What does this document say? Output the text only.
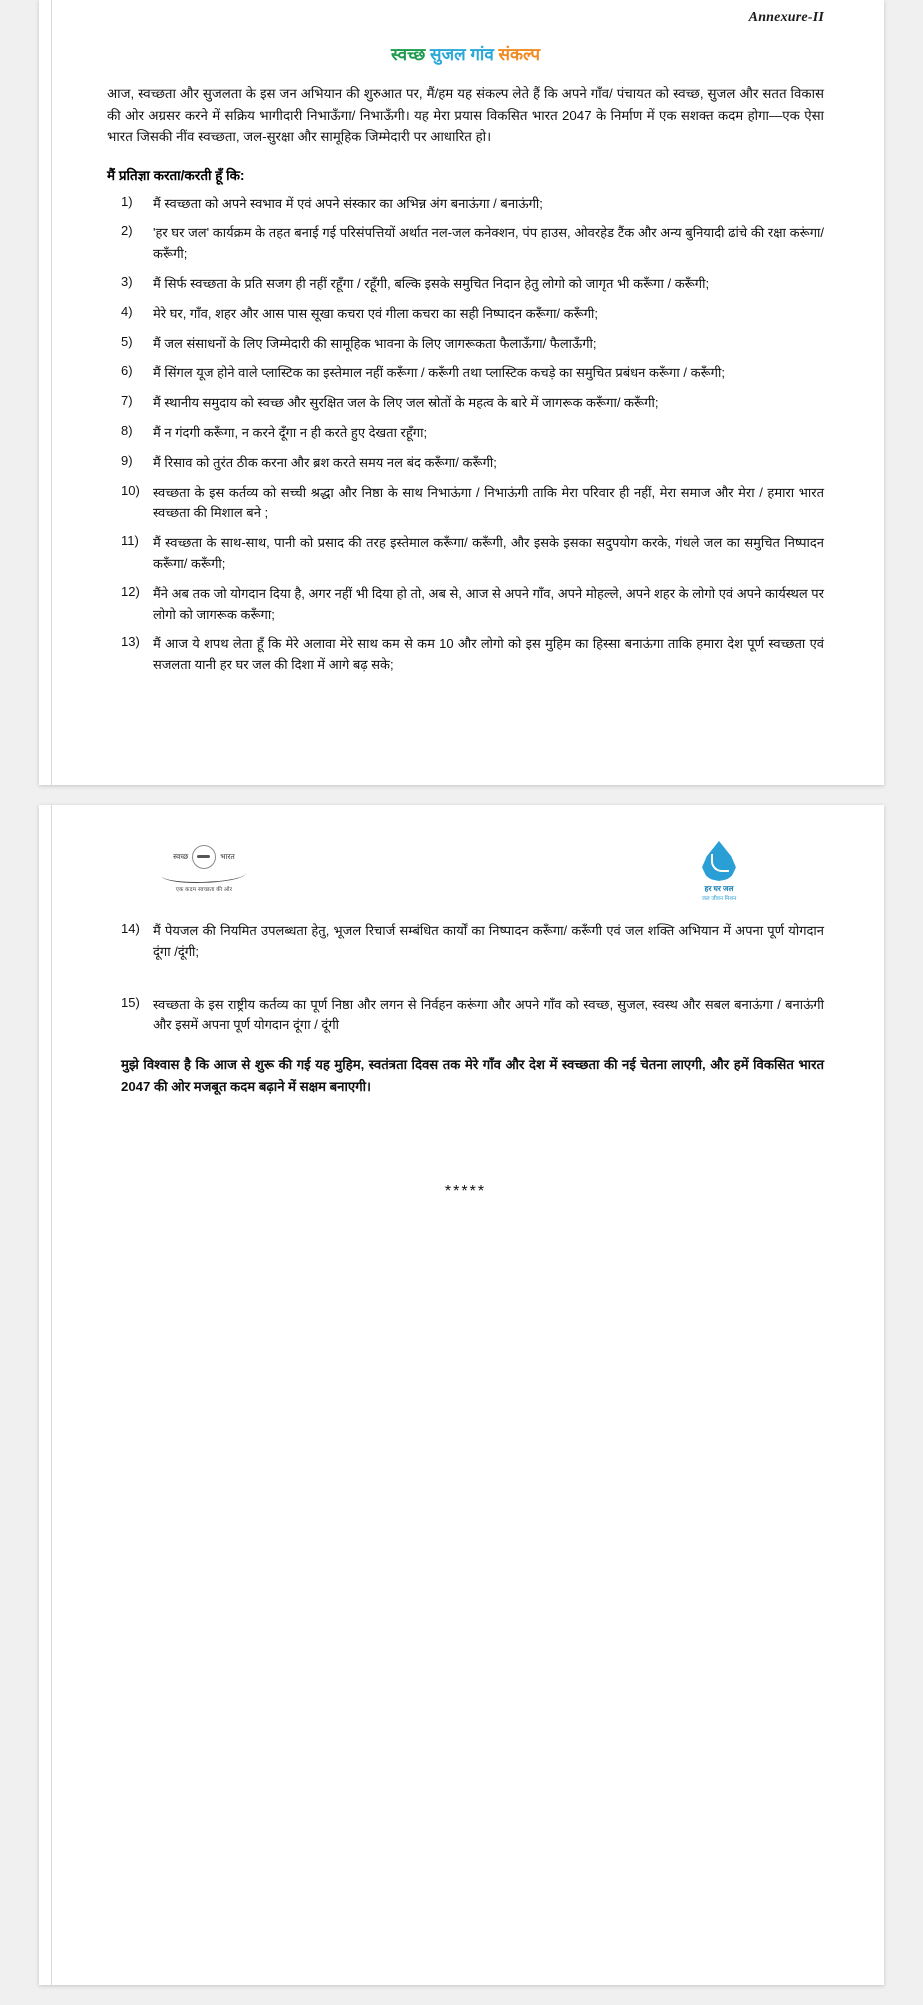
Annexure-II
स्वच्छ सुजल गांव संकल्प

आज, स्वच्छता और सुजलता के इस जन अभियान की शुरुआत पर, मैं/हम यह संकल्प लेते हैं कि अपने गाँव/ पंचायत को स्वच्छ, सुजल और सतत विकास की ओर अग्रसर करने में सक्रिय भागीदारी निभाऊँगा/ निभाऊँगी। यह मेरा प्रयास विकसित भारत 2047 के निर्माण में एक सशक्त कदम होगा—एक ऐसा भारत जिसकी नींव स्वच्छता, जल-सुरक्षा और सामूहिक जिम्मेदारी पर आधारित हो।

मैं प्रतिज्ञा करता/करती हूँ कि:

1)	मैं स्वच्छता को अपने स्वभाव में एवं अपने संस्कार का अभिन्न अंग बनाऊंगा / बनाऊंगी;
2)	'हर घर जल' कार्यक्रम के तहत बनाई गई परिसंपत्तियों अर्थात नल-जल कनेक्शन, पंप हाउस, ओवरहेड टैंक और अन्य बुनियादी ढांचे की रक्षा करूंगा/ करूँगी;
3)	मैं सिर्फ स्वच्छता के प्रति सजग ही नहीं रहूँगा / रहूँगी, बल्कि इसके समुचित निदान हेतु लोगो को जागृत भी करूँगा / करूँगी;
4)	मेरे घर, गाँव, शहर और आस पास सूखा कचरा एवं गीला कचरा का सही निष्पादन करूँगा/ करूँगी;
5)	मैं जल संसाधनों के लिए जिम्मेदारी की सामूहिक भावना के लिए जागरूकता फैलाऊँगा/ फैलाऊँगी;
6)	मैं सिंगल यूज होने वाले प्लास्टिक का इस्तेमाल नहीं करूँगा / करूँगी तथा प्लास्टिक कचड़े का समुचित प्रबंधन करूँगा / करूँगी;
7)	मैं स्थानीय समुदाय को स्वच्छ और सुरक्षित जल के लिए जल स्रोतों के महत्व के बारे में जागरूक करूँगा/ करूँगी;
8)	मैं न गंदगी करूँगा, न करने दूँगा न ही करते हुए देखता रहूँगा;
9)	मैं रिसाव को तुरंत ठीक करना और ब्रश करते समय नल बंद करूँगा/ करूँगी;
10)	स्वच्छता के इस कर्तव्य को सच्ची श्रद्धा और निष्ठा के साथ निभाऊंगा / निभाऊंगी ताकि मेरा परिवार ही नहीं, मेरा समाज और मेरा / हमारा भारत स्वच्छता की मिशाल बने ;
11)	मैं स्वच्छता के साथ-साथ, पानी को प्रसाद की तरह इस्तेमाल करूँगा/ करूँगी, और इसके इसका सदुपयोग करके, गंधले जल का समुचित निष्पादन करूँगा/ करूँगी;
12)	मैंने अब तक जो योगदान दिया है, अगर नहीं भी दिया हो तो, अब से, आज से अपने गाँव, अपने मोहल्ले, अपने शहर के लोगो एवं अपने कार्यस्थल पर लोगो को जागरूक करूँगा;
13)	मैं आज ये शपथ लेता हूँ कि मेरे अलावा मेरे साथ कम से कम 10 और लोगो को इस मुहिम का हिस्सा बनाऊंगा ताकि हमारा देश पूर्ण स्वच्छता एवं सजलता यानी हर घर जल की दिशा में आगे बढ़ सके;
स्वच्छ	भारत
एक कदम स्वच्छता की ओर	हर घर जल
जल जीवन मिशन
14)	मैं पेयजल की नियमित उपलब्धता हेतु, भूजल रिचार्ज सम्बंधित कार्यों का निष्पादन करूँगा/ करूँगी एवं जल शक्ति अभियान में अपना पूर्ण योगदान दूंगा /दूंगी;
15)	स्वच्छता के इस राष्ट्रीय कर्तव्य का पूर्ण निष्ठा और लगन से निर्वहन करूंगा और अपने गाँव को स्वच्छ, सुजल, स्वस्थ और सबल बनाऊंगा / बनाऊंगी और इसमें अपना पूर्ण योगदान दूंगा / दूंगी

मुझे विश्वास है कि आज से शुरू की गई यह मुहिम, स्वतंत्रता दिवस तक मेरे गाँव और देश में स्वच्छता की नई चेतना लाएगी, और हमें विकसित भारत 2047 की ओर मजबूत कदम बढ़ाने में सक्षम बनाएगी।

*****
